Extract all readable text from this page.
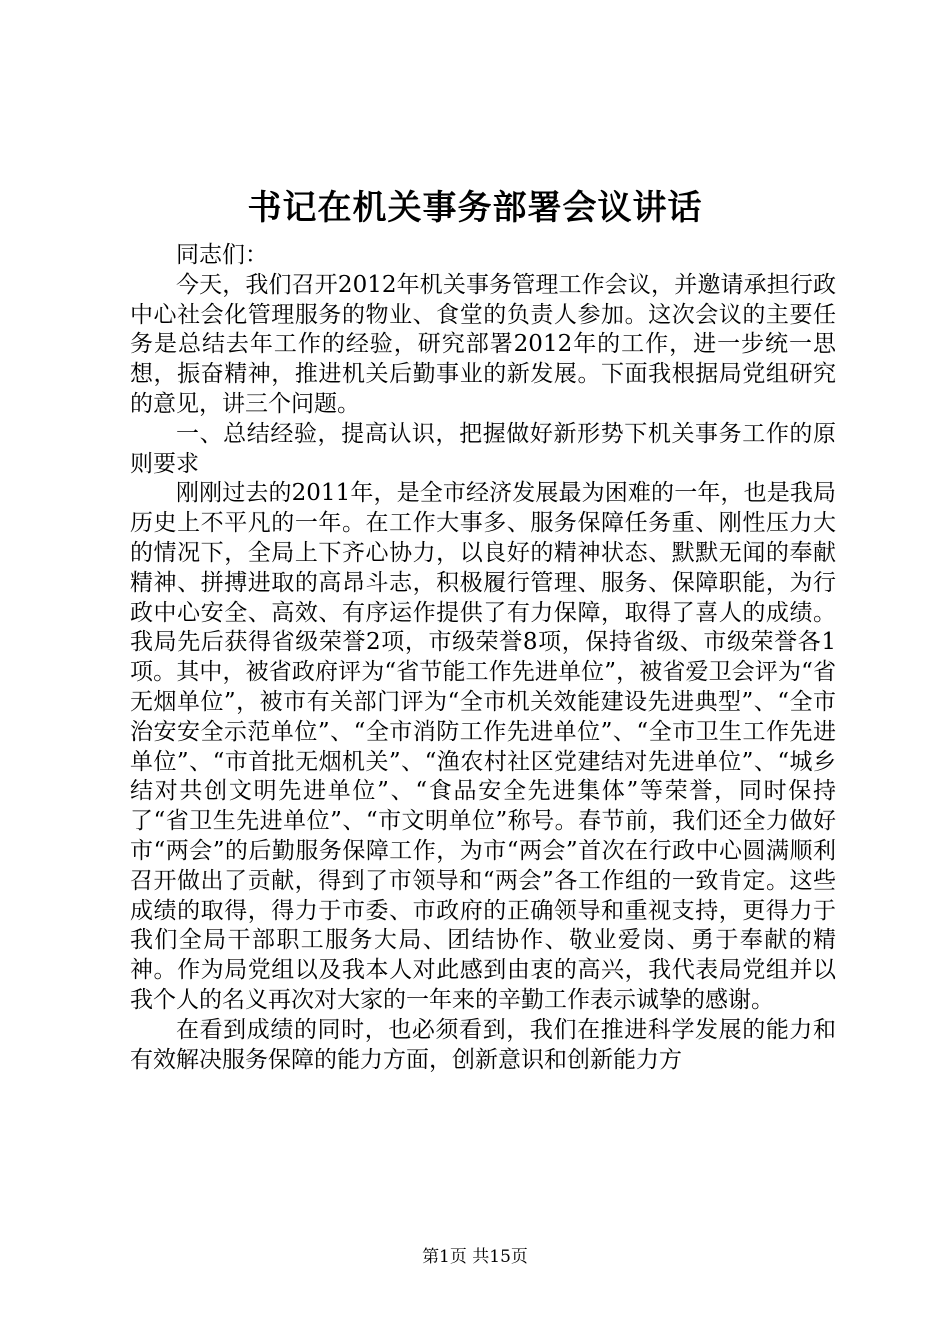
书记在机关事务部署会议讲话

同志们：

今天，我们召开2012年机关事务管理工作会议，并邀请承担行政中心社会化管理服务的物业、食堂的负责人参加。这次会议的主要任务是总结去年工作的经验，研究部署2012年的工作，进一步统一思想，振奋精神，推进机关后勤事业的新发展。下面我根据局党组研究的意见，讲三个问题。

一、总结经验，提高认识，把握做好新形势下机关事务工作的原则要求

刚刚过去的2011年，是全市经济发展最为困难的一年，也是我局历史上不平凡的一年。在工作大事多、服务保障任务重、刚性压力大的情况下，全局上下齐心协力，以良好的精神状态、默默无闻的奉献精神、拼搏进取的高昂斗志，积极履行管理、服务、保障职能，为行政中心安全、高效、有序运作提供了有力保障，取得了喜人的成绩。我局先后获得省级荣誉2项，市级荣誉8项，保持省级、市级荣誉各1项。其中，被省政府评为“省节能工作先进单位”，被省爱卫会评为“省无烟单位”，被市有关部门评为“全市机关效能建设先进典型”、“全市治安安全示范单位”、“全市消防工作先进单位”、“全市卫生工作先进单位”、“市首批无烟机关”、“渔农村社区党建结对先进单位”、“城乡结对共创文明先进单位”、“食品安全先进集体”等荣誉，同时保持了“省卫生先进单位”、“市文明单位”称号。春节前，我们还全力做好市“两会”的后勤服务保障工作，为市“两会”首次在行政中心圆满顺利召开做出了贡献，得到了市领导和“两会”各工作组的一致肯定。这些成绩的取得，得力于市委、市政府的正确领导和重视支持，更得力于我们全局干部职工服务大局、团结协作、敬业爱岗、勇于奉献的精神。作为局党组以及我本人对此感到由衷的高兴，我代表局党组并以我个人的名义再次对大家的一年来的辛勤工作表示诚挚的感谢。

在看到成绩的同时，也必须看到，我们在推进科学发展的能力和有效解决服务保障的能力方面，创新意识和创新能力方

第1页 共15页
